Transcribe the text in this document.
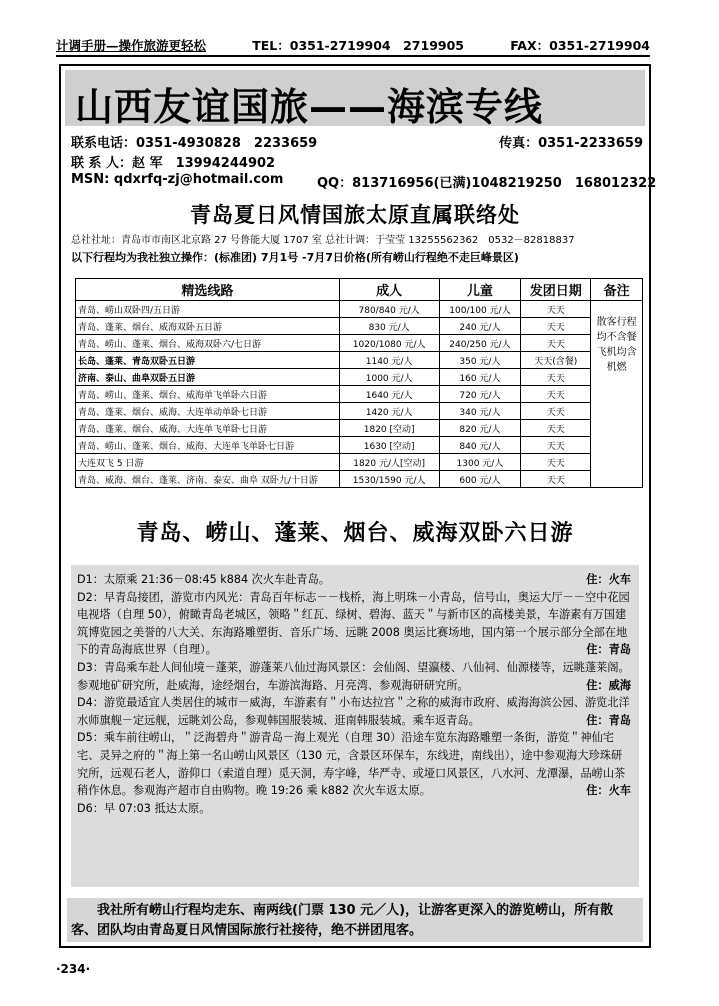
计调手册—操作旅游更轻松	TEL：0351-2719904　2719905	FAX：0351-2719904
山西友谊国旅——海滨专线
联系电话：0351-4930828　2233659	传真：0351-2233659
联 系 人：赵 军　13994244902
MSN: qdxrfq-zj@hotmail.com	QQ：813716956(已满)1048219250　168012322
青岛夏日风情国旅太原直属联络处
总社社址：青岛市市南区北京路 27 号鲁能大厦 1707 室 总社计调：于莹莹 13255562362　0532－82818837
以下行程均为我社独立操作：(标准团) 7月1号 -7月7日价格(所有崂山行程绝不走巨峰景区)
精选线路	成人	儿童	发团日期	备注
青岛、崂山双卧四/五日游	780/840 元/人	100/100 元/人	天天	散客行程均不含餐　飞机均含机燃
青岛、蓬莱、烟台、威海双卧五日游	830 元/人	240 元/人	天天	
青岛、崂山、蓬莱、烟台、威海双卧六/七日游	1020/1080 元/人	240/250 元/人	天天	
长岛、蓬莱、青岛双卧五日游	1140 元/人	350 元/人	天天(含餐)	
济南、泰山、曲阜双卧五日游	1000 元/人	160 元/人	天天	
青岛、崂山、蓬莱、烟台、威海单飞单卧六日游	1640 元/人	720 元/人	天天	
青岛、蓬莱、烟台、威海、大连单动单卧七日游	1420 元/人	340 元/人	天天	
青岛、蓬莱、烟台、威海、大连单飞单卧七日游	1820 [空动]	820 元/人	天天	
青岛、崂山、蓬莱、烟台、威海、大连单飞单卧七日游	1630 [空动]	840 元/人	天天	
大连双飞 5 日游	1820 元/人[空动]	1300 元/人	天天	
青岛、威海、烟台、蓬莱、济南、泰安、曲阜 双卧九/十日游	1530/1590 元/人	600 元/人	天天	
青岛、崂山、蓬莱、烟台、威海双卧六日游
D1：太原乘 21:36－08:45 k884 次火车赴青岛。	住：火车
D2：早青岛接团，游览市内风光：青岛百年标志－－栈桥，海上明珠－小青岛，信号山，奥运大厅－－空中花园电视塔（自理 50），俯瞰青岛老城区，领略＂红瓦、绿树、碧海、蓝天＂与新市区的高楼美景，车游素有万国建筑博览园之美誉的八大关、东海路雕塑街、音乐广场、远眺 2008 奥运比赛场地，国内第一个展示部分全部在地下的青岛海底世界（自理）。	住：青岛
D3：青岛乘车赴人间仙境－蓬莱，游蓬莱八仙过海风景区：会仙阁、望瀛楼、八仙祠、仙源楼等，远眺蓬莱阁。参观地矿研究所，赴威海，途经烟台，车游滨海路、月亮湾、参观海研研究所。	住：威海
D4：游览最适宜人类居住的城市－威海，车游素有＂小布达拉宫＂之称的威海市政府、威海海滨公园、游览北洋水师旗舰－定远舰，远眺刘公岛，参观韩国服装城、逛南韩服装城。乘车返青岛。	住：青岛
D5：乘车前往崂山，＂泛海碧舟＂游青岛－海上观光（自理 30）沿途车览东海路雕塑一条街，游览＂神仙宅宅、灵异之府的＂海上第一名山崂山风景区（130 元，含景区环保车，东线进，南线出），途中参观海大珍珠研究所，远观石老人，游仰口（索道自理）觅天洞，寿字峰，华严寺、或垭口风景区，八水河、龙潭瀑，品崂山茶稍作休息。参观海产超市自由购物。晚 19:26 乘 k882 次火车返太原。	住：火车
D6：早 07:03 抵达太原。
我社所有崂山行程均走东、南两线(门票 130 元／人)，让游客更深入的游览崂山，所有散客、团队均由青岛夏日风情国际旅行社接待，绝不拼团甩客。
·234·
